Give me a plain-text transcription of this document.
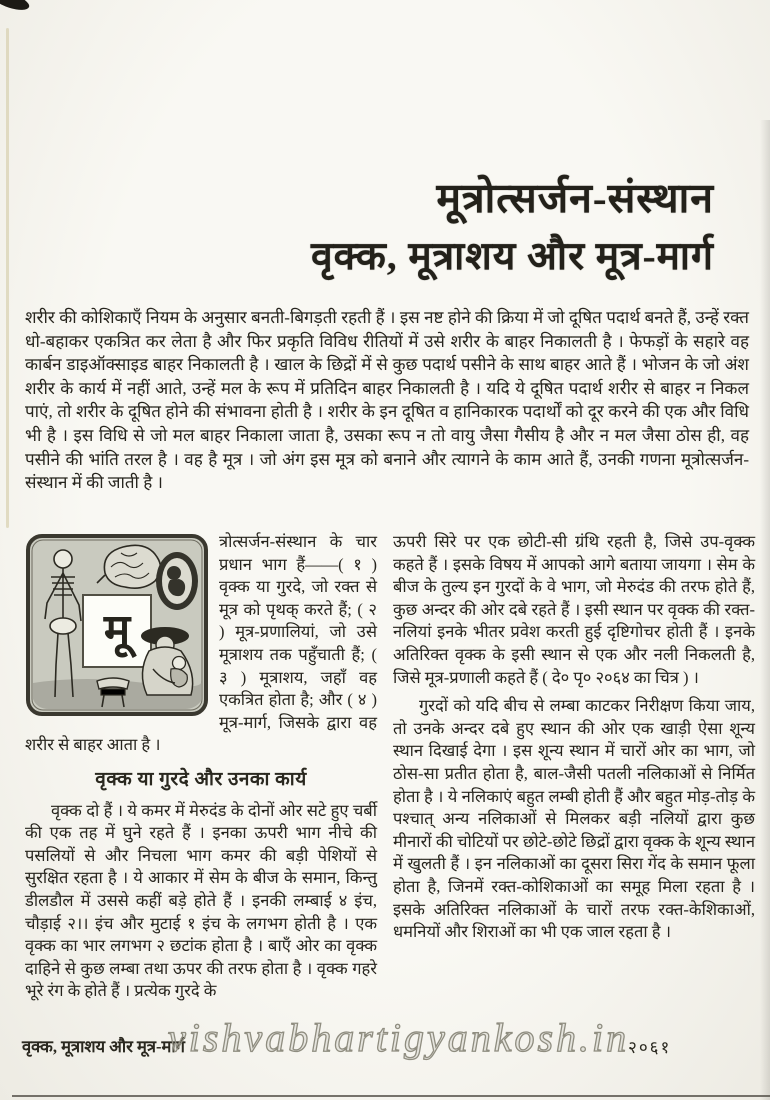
मूत्रोत्सर्जन-संस्थान
वृक्क, मूत्राशय और मूत्र-मार्ग

शरीर की कोशिकाएँ नियम के अनुसार बनती-बिगड़ती रहती हैं । इस नष्ट होने की क्रिया में जो दूषित पदार्थ बनते हैं, उन्हें रक्त धो-बहाकर एकत्रित कर लेता है और फिर प्रकृति विविध रीतियों में उसे शरीर के बाहर निकालती है । फेफड़ों के सहारे वह कार्बन डाइऑक्साइड बाहर निकालती है । खाल के छिद्रों में से कुछ पदार्थ पसीने के साथ बाहर आते हैं । भोजन के जो अंश शरीर के कार्य में नहीं आते, उन्हें मल के रूप में प्रतिदिन बाहर निकालती है । यदि ये दूषित पदार्थ शरीर से बाहर न निकल पाएं, तो शरीर के दूषित होने की संभावना होती है । शरीर के इन दूषित व हानिकारक पदार्थों को दूर करने की एक और विधि भी है । इस विधि से जो मल बाहर निकाला जाता है, उसका रूप न तो वायु जैसा गैसीय है और न मल जैसा ठोस ही, वह पसीने की भांति तरल है । वह है मूत्र । जो अंग इस मूत्र को बनाने और त्यागने के काम आते हैं, उनकी गणना मूत्रोत्सर्जन-संस्थान में की जाती है ।

मू

त्रोत्सर्जन-संस्थान के चार प्रधान भाग हैं——( १ ) वृक्क या गुरदे, जो रक्त से मूत्र को पृथक् करते हैं; ( २ ) मूत्र-प्रणालियां, जो उसे मूत्राशय तक पहुँचाती हैं; ( ३ ) मूत्राशय, जहाँ वह एकत्रित होता है; और ( ४ ) मूत्र-मार्ग, जिसके द्वारा वह शरीर से बाहर आता है ।

वृक्क या गुरदे और उनका कार्य

वृक्क दो हैं । ये कमर में मेरुदंड के दोनों ओर सटे हुए चर्बी की एक तह में घुने रहते हैं । इनका ऊपरी भाग नीचे की पसलियों से और निचला भाग कमर की बड़ी पेशियों से सुरक्षित रहता है । ये आकार में सेम के बीज के समान, किन्तु डीलडौल में उससे कहीं बड़े होते हैं । इनकी लम्बाई ४ इंच, चौड़ाई २।। इंच और मुटाई १ इंच के लगभग होती है । एक वृक्क का भार लगभग २ छटांक होता है । बाएँ ओर का वृक्क दाहिने से कुछ लम्बा तथा ऊपर की तरफ होता है । वृक्क गहरे भूरे रंग के होते हैं । प्रत्येक गुरदे के

ऊपरी सिरे पर एक छोटी-सी ग्रंथि रहती है, जिसे उप-वृक्क कहते हैं । इसके विषय में आपको आगे बताया जायगा । सेम के बीज के तुल्य इन गुरदों के वे भाग, जो मेरुदंड की तरफ होते हैं, कुछ अन्दर की ओर दबे रहते हैं । इसी स्थान पर वृक्क की रक्त-नलियां इनके भीतर प्रवेश करती हुई दृष्टिगोचर होती हैं । इनके अतिरिक्त वृक्क के इसी स्थान से एक और नली निकलती है, जिसे मूत्र-प्रणाली कहते हैं ( दे० पृ० २०६४ का चित्र ) ।

गुरदों को यदि बीच से लम्बा काटकर निरीक्षण किया जाय, तो उनके अन्दर दबे हुए स्थान की ओर एक खाड़ी ऐसा शून्य स्थान दिखाई देगा । इस शून्य स्थान में चारों ओर का भाग, जो ठोस-सा प्रतीत होता है, बाल-जैसी पतली नलिकाओं से निर्मित होता है । ये नलिकाएं बहुत लम्बी होती हैं और बहुत मोड़-तोड़ के पश्चात् अन्य नलिकाओं से मिलकर बड़ी नलियों द्वारा कुछ मीनारों की चोटियों पर छोटे-छोटे छिद्रों द्वारा वृक्क के शून्य स्थान में खुलती हैं । इन नलिकाओं का दूसरा सिरा गेंद के समान फूला होता है, जिनमें रक्त-कोशिकाओं का समूह मिला रहता है । इसके अतिरिक्त नलिकाओं के चारों तरफ रक्त-केशिकाओं, धमनियों और शिराओं का भी एक जाल रहता है ।

वृक्क, मूत्राशय और मूत्र-मार्ग
vishvabhartigyankosh.in
२०६१
